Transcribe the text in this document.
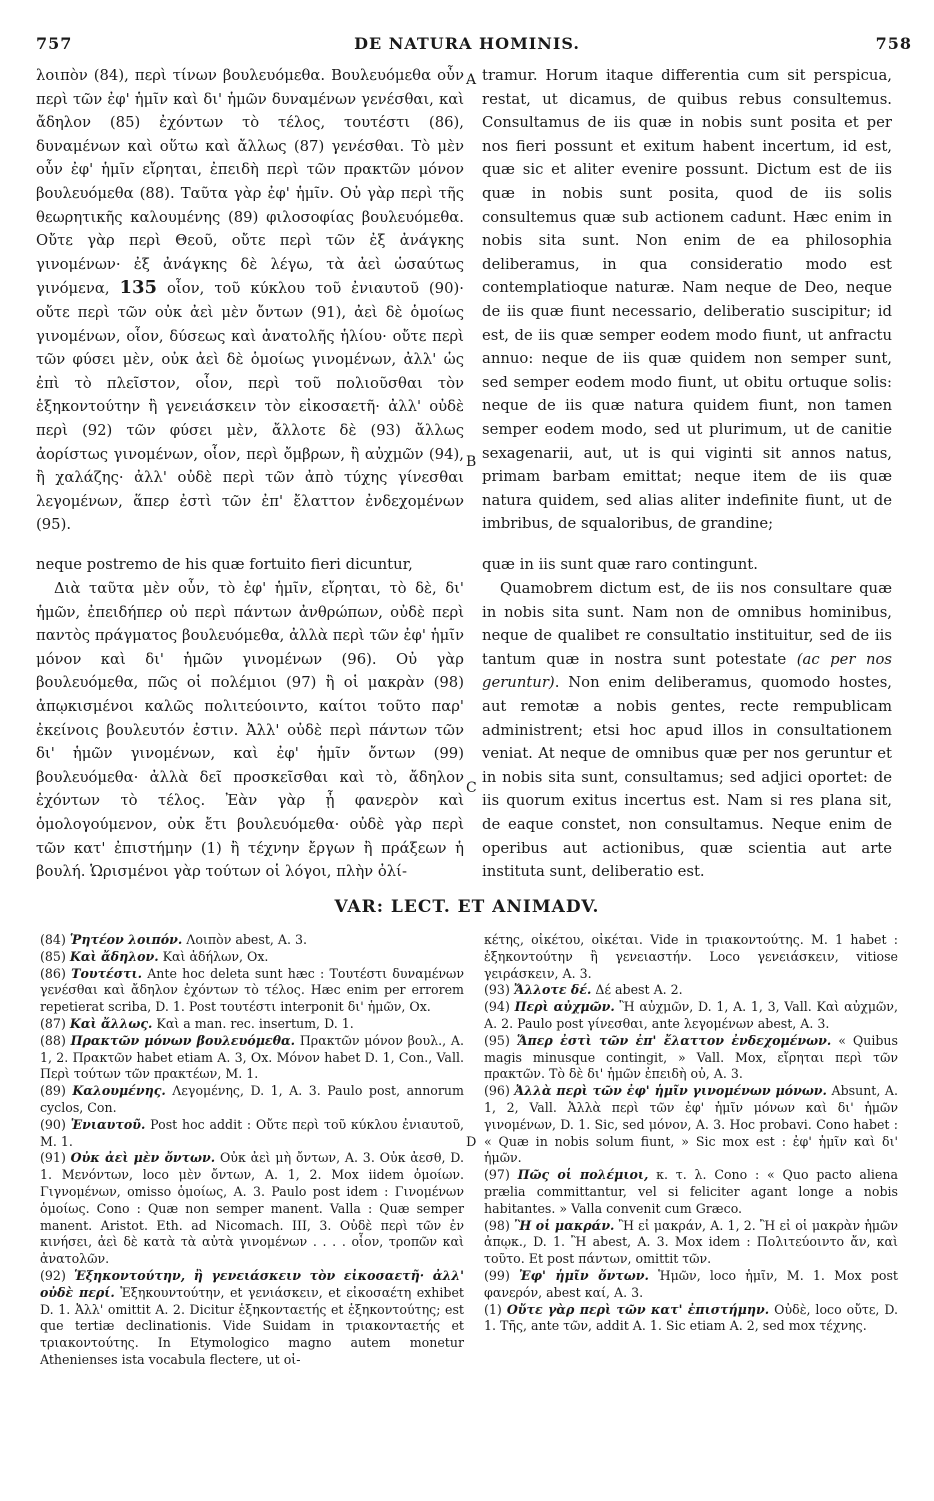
757	DE NATURA HOMINIS.	758

λοιπὸν (84), περὶ τίνων βουλευόμεθα. Βουλευόμεθα οὖν περὶ τῶν ἐφ' ἡμῖν καὶ δι' ἡμῶν δυναμένων γενέσθαι, καὶ ἄδηλον (85) ἐχόντων τὸ τέλος, τουτέστι (86), δυναμένων καὶ οὕτω καὶ ἄλλως (87) γενέσθαι. Τὸ μὲν οὖν ἐφ' ἡμῖν εἴρηται, ἐπειδὴ περὶ τῶν πρακτῶν μόνον βουλευόμεθα (88). Ταῦτα γὰρ ἐφ' ἡμῖν. Οὐ γὰρ περὶ τῆς θεωρητικῆς καλουμένης (89) φιλοσοφίας βουλευόμεθα. Οὔτε γὰρ περὶ Θεοῦ, οὔτε περὶ τῶν ἐξ ἀνάγκης γινομένων· ἐξ ἀνάγκης δὲ λέγω, τὰ ἀεὶ ὡσαύτως γινόμενα, 135 οἷον, τοῦ κύκλου τοῦ ἐνιαυτοῦ (90)· οὔτε περὶ τῶν οὐκ ἀεὶ μὲν ὄντων (91), ἀεὶ δὲ ὁμοίως γινομένων, οἷον, δύσεως καὶ ἀνατολῆς ἡλίου· οὔτε περὶ τῶν φύσει μὲν, οὐκ ἀεὶ δὲ ὁμοίως γινομένων, ἀλλ' ὡς ἐπὶ τὸ πλεῖστον, οἷον, περὶ τοῦ πολιοῦσθαι τὸν ἑξηκοντούτην ἢ γενειάσκειν τὸν εἰκοσαετῆ· ἀλλ' οὐδὲ περὶ (92) τῶν φύσει μὲν, ἄλλοτε δὲ (93) ἄλλως ἀορίστως γινομένων, οἷον, περὶ ὄμβρων, ἢ αὐχμῶν (94), ἢ χαλάζης· ἀλλ' οὐδὲ περὶ τῶν ἀπὸ τύχης γίνεσθαι λεγομένων, ἅπερ ἐστὶ τῶν ἐπ' ἔλαττον ἐνδεχομένων (95).

tramur. Horum itaque differentia cum sit perspicua, restat, ut dicamus, de quibus rebus consultemus. Consultamus de iis quæ in nobis sunt posita et per nos fieri possunt et exitum habent incertum, id est, quæ sic et aliter evenire possunt. Dictum est de iis quæ in nobis sunt posita, quod de iis solis consultemus quæ sub actionem cadunt. Hæc enim in nobis sita sunt. Non enim de ea philosophia deliberamus, in qua consideratio modo est contemplatioque naturæ. Nam neque de Deo, neque de iis quæ fiunt necessario, deliberatio suscipitur; id est, de iis quæ semper eodem modo fiunt, ut anfractu annuo: neque de iis quæ quidem non semper sunt, sed semper eodem modo fiunt, ut obitu ortuque solis: neque de iis quæ natura quidem fiunt, non tamen semper eodem modo, sed ut plurimum, ut de canitie sexagenarii, aut, ut is qui viginti sit annos natus, primam barbam emittat; neque item de iis quæ natura quidem, sed alias aliter indefinite fiunt, ut de imbribus, de squaloribus, de grandine;

A
B
C
neque postremo de his quæ fortuito fieri dicuntur,	quæ in iis sunt quæ raro contingunt.

Διὰ ταῦτα μὲν οὖν, τὸ ἐφ' ἡμῖν, εἴρηται, τὸ δὲ, δι' ἡμῶν, ἐπειδήπερ οὐ περὶ πάντων ἀνθρώπων, οὐδὲ περὶ παντὸς πράγματος βουλευόμεθα, ἀλλὰ περὶ τῶν ἐφ' ἡμῖν μόνον καὶ δι' ἡμῶν γινομένων (96). Οὐ γὰρ βουλευόμεθα, πῶς οἱ πολέμιοι (97) ἢ οἱ μακρὰν (98) ἀπῳκισμένοι καλῶς πολιτεύοιντο, καίτοι τοῦτο παρ' ἐκείνοις βουλευτόν ἐστιν. Ἀλλ' οὐδὲ περὶ πάντων τῶν δι' ἡμῶν γινομένων, καὶ ἐφ' ἡμῖν ὄντων (99) βουλευόμεθα· ἀλλὰ δεῖ προσκεῖσθαι καὶ τὸ, ἄδηλον ἐχόντων τὸ τέλος. Ἐὰν γὰρ ᾖ φανερὸν καὶ ὁμολογούμενον, οὐκ ἔτι βουλευόμεθα· οὐδὲ γὰρ περὶ τῶν κατ' ἐπιστήμην (1) ἢ τέχνην ἔργων ἢ πράξεων ἡ βουλή. Ὡρισμένοι γὰρ τούτων οἱ λόγοι, πλὴν ὀλί-

Quamobrem dictum est, de iis nos consultare quæ in nobis sita sunt. Nam non de omnibus hominibus, neque de qualibet re consultatio instituitur, sed de iis tantum quæ in nostra sunt potestate (ac per nos geruntur). Non enim deliberamus, quomodo hostes, aut remotæ a nobis gentes, recte rempublicam administrent; etsi hoc apud illos in consultationem veniat. At neque de omnibus quæ per nos geruntur et in nobis sita sunt, consultamus; sed adjici oportet: de iis quorum exitus incertus est. Nam si res plana sit, de eaque constet, non consultamus. Neque enim de operibus aut actionibus, quæ scientia aut arte instituta sunt, deliberatio est.

VAR: LECT. ET ANIMADV.

(84) Ῥητέον λοιπόν. Λοιπὸν abest, A. 3.

(85) Καὶ ἄδηλον. Καὶ ἀδήλων, Ox.

(86) Τουτέστι. Ante hoc deleta sunt hæc : Τουτέστι δυναμένων γενέσθαι καὶ ἄδηλον ἐχόντων τὸ τέλος. Hæc enim per errorem repetierat scriba, D. 1. Post τουτέστι interponit δι' ἡμῶν, Ox.

(87) Καὶ ἄλλως. Καὶ a man. rec. insertum, D. 1.

(88) Πρακτῶν μόνων βουλευόμεθα. Πρακτῶν μόνον βουλ., A. 1, 2. Πρακτῶν habet etiam A. 3, Ox. Μόνον habet D. 1, Con., Vall. Περὶ τούτων τῶν πρακτέων, M. 1.

(89) Καλουμένης. Λεγομένης, D. 1, A. 3. Paulo post, annorum cyclos, Con.

(90) Ἐνιαυτοῦ. Post hoc addit : Οὔτε περὶ τοῦ κύκλου ἐνιαυτοῦ, M. 1.

(91) Οὐκ ἀεὶ μὲν ὄντων. Οὐκ ἀεὶ μὴ ὄντων, A. 3. Οὐκ ἀεσθ, D. 1. Μενόντων, loco μὲν ὄντων, A. 1, 2. Mox iidem ὁμοίων. Γιγνομένων, omisso ὁμοίως, A. 3. Paulo post idem : Γινομένων ὁμοίως. Cono : Quæ non semper manent. Valla : Quæ semper manent. Aristot. Eth. ad Nicomach. III, 3. Οὐδὲ περὶ τῶν ἐν κινήσει, ἀεὶ δὲ κατὰ τὰ αὐτὰ γινομένων . . . . οἷον, τροπῶν καὶ ἀνατολῶν.

(92) Ἑξηκοντούτην, ἢ γενειάσκειν τὸν εἰκοσαετῆ· ἀλλ' οὐδὲ περί. Ἑξηκουντούτην, et γενιάσκειν, et εἰκοσαέτη exhibet D. 1. Ἀλλ' omittit A. 2. Dicitur ἑξηκονταετής et ἑξηκοντούτης; est que tertiæ declinationis. Vide Suidam in τριακονταετής et τριακοντούτης. In Etymologico magno autem monetur Athenienses ista vocabula flectere, ut οἰ-

D

κέτης, οἰκέτου, οἰκέται. Vide in τριακοντούτης. M. 1 habet : ἑξηκοντούτην ἢ γενειαστήν. Loco γενειάσκειν, vitiose γειράσκειν, A. 3.

(93) Ἄλλοτε δέ. Δέ abest A. 2.

(94) Περὶ αὐχμῶν. Ἢ αὐχμῶν, D. 1, A. 1, 3, Vall. Καὶ αὐχμῶν, A. 2. Paulo post γίνεσθαι, ante λεγομένων abest, A. 3.

(95) Ἅπερ ἐστὶ τῶν ἐπ' ἔλαττον ἐνδεχομένων. « Quibus magis minusque contingit, » Vall. Mox, εἴρηται περὶ τῶν πρακτῶν. Τὸ δὲ δι' ἡμῶν ἐπειδὴ οὐ, A. 3.

(96) Ἀλλὰ περὶ τῶν ἐφ' ἡμῖν γινομένων μόνων. Absunt, A. 1, 2, Vall. Ἀλλὰ περὶ τῶν ἐφ' ἡμῖν μόνων καὶ δι' ἡμῶν γινομένων, D. 1. Sic, sed μόνον, A. 3. Hoc probavi. Cono habet : « Quæ in nobis solum fiunt, » Sic mox est : ἐφ' ἡμῖν καὶ δι' ἡμῶν.

(97) Πῶς οἱ πολέμιοι, κ. τ. λ. Cono : « Quo pacto aliena prælia committantur, vel si feliciter agant longe a nobis habitantes. » Valla convenit cum Græco.

(98) Ἢ οἱ μακράν. Ἢ εἰ μακράν, A. 1, 2. Ἢ εἰ οἱ μακρὰν ἡμῶν ἀπῳκ., D. 1. Ἢ abest, A. 3. Mox idem : Πολιτεύοιντο ἄν, καὶ τοῦτο. Et post πάντων, omittit τῶν.

(99) Ἐφ' ἡμῖν ὄντων. Ἡμῶν, loco ἡμῖν, M. 1. Mox post φανερόν, abest καί, A. 3.

(1) Οὔτε γὰρ περὶ τῶν κατ' ἐπιστήμην. Οὐδὲ, loco οὔτε, D. 1. Τῆς, ante τῶν, addit A. 1. Sic etiam A. 2, sed mox τέχνης.
